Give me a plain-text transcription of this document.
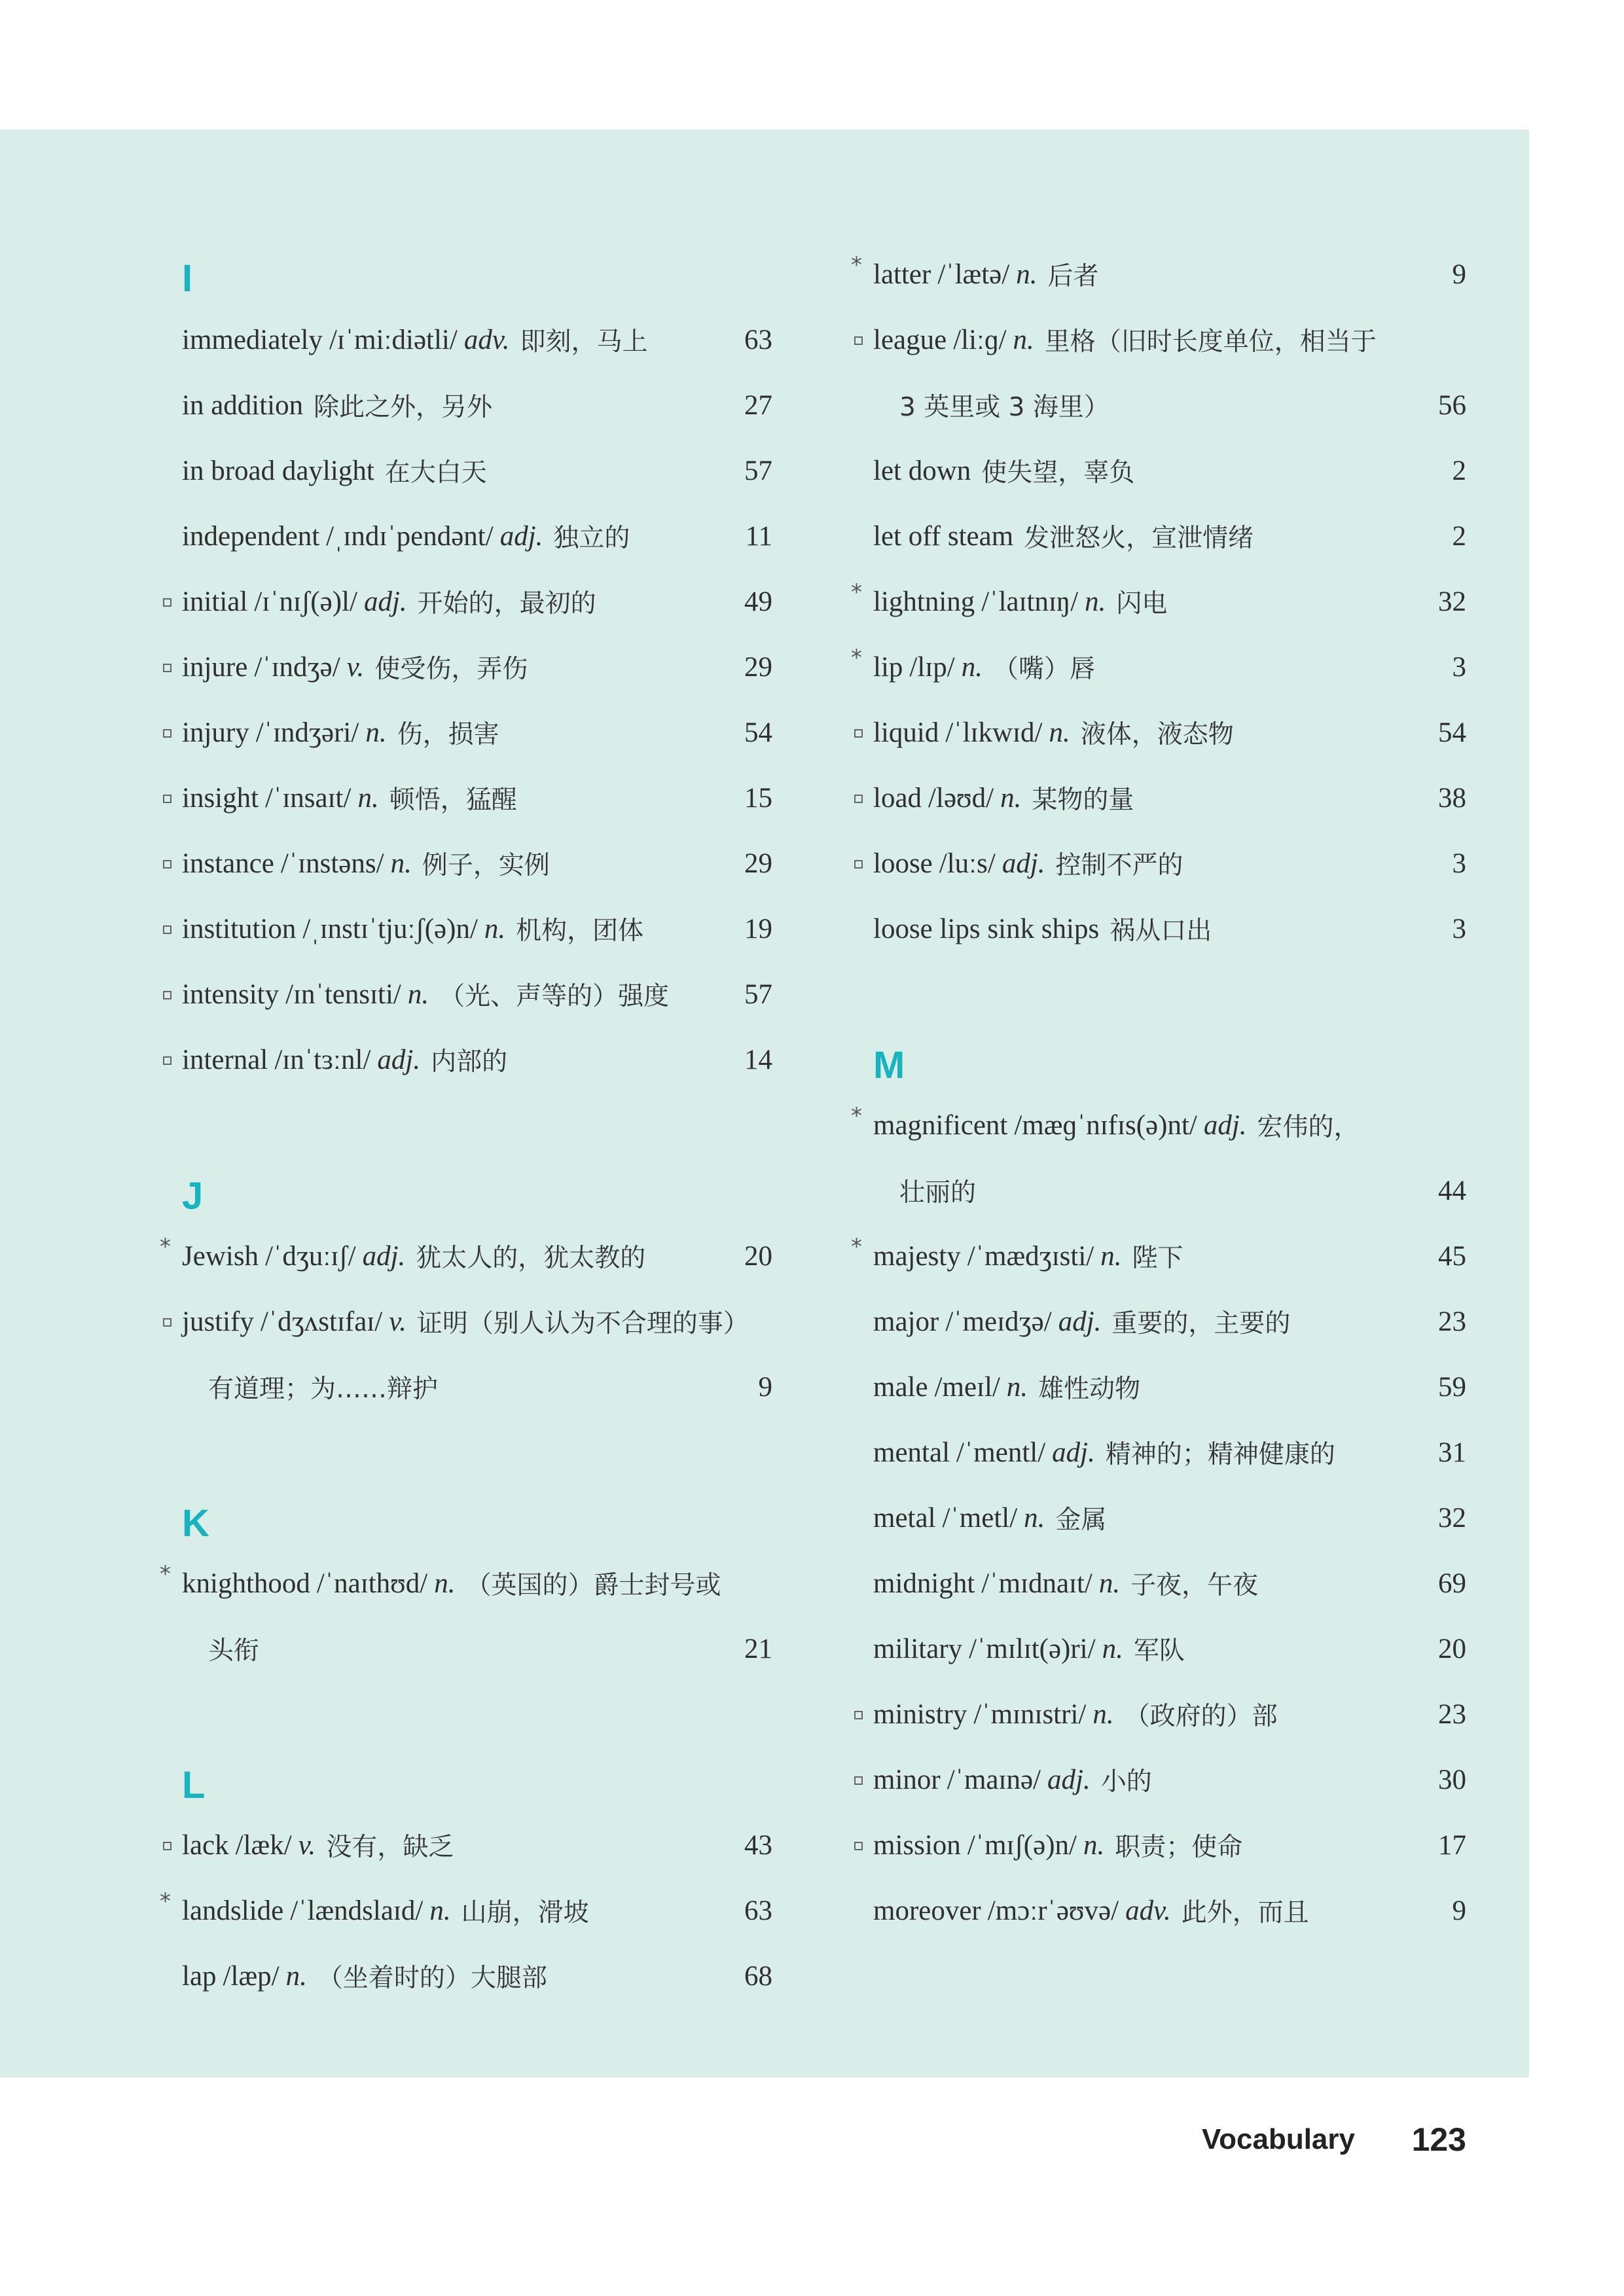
I
immediately /ɪˈmiːdiətli/ adv. 即刻，马上	63
in addition 除此之外，另外	27
in broad daylight 在大白天	57
independent /ˌɪndɪˈpendənt/ adj. 独立的	11
initial /ɪˈnɪʃ(ə)l/ adj. 开始的，最初的	49
injure /ˈɪndʒə/ v. 使受伤，弄伤	29
injury /ˈɪndʒəri/ n. 伤，损害	54
insight /ˈɪnsaɪt/ n. 顿悟，猛醒	15
instance /ˈɪnstəns/ n. 例子，实例	29
institution /ˌɪnstɪˈtjuːʃ(ə)n/ n. 机构，团体	19
intensity /ɪnˈtensɪti/ n. （光、声等的）强度	57
internal /ɪnˈtɜːnl/ adj. 内部的	14
J
* Jewish /ˈdʒuːɪʃ/ adj. 犹太人的，犹太教的	20
justify /ˈdʒʌstɪfaɪ/ v. 证明（别人认为不合理的事）
有道理；为……辩护	9
K
* knighthood /ˈnaɪthʊd/ n. （英国的）爵士封号或
头衔	21
L
lack /læk/ v. 没有，缺乏	43
* landslide /ˈlændslaɪd/ n. 山崩，滑坡	63
lap /læp/ n. （坐着时的）大腿部	68
* latter /ˈlætə/ n. 后者	9
league /liːɡ/ n. 里格（旧时长度单位，相当于
3 英里或 3 海里）	56
let down 使失望，辜负	2
let off steam 发泄怒火，宣泄情绪	2
* lightning /ˈlaɪtnɪŋ/ n. 闪电	32
* lip /lɪp/ n. （嘴）唇	3
liquid /ˈlɪkwɪd/ n. 液体，液态物	54
load /ləʊd/ n. 某物的量	38
loose /luːs/ adj. 控制不严的	3
loose lips sink ships 祸从口出	3
M
* magnificent /mæɡˈnɪfɪs(ə)nt/ adj. 宏伟的，
壮丽的	44
* majesty /ˈmædʒɪsti/ n. 陛下	45
major /ˈmeɪdʒə/ adj. 重要的，主要的	23
male /meɪl/ n. 雄性动物	59
mental /ˈmentl/ adj. 精神的；精神健康的	31
metal /ˈmetl/ n. 金属	32
midnight /ˈmɪdnaɪt/ n. 子夜，午夜	69
military /ˈmɪlɪt(ə)ri/ n. 军队	20
ministry /ˈmɪnɪstri/ n. （政府的）部	23
minor /ˈmaɪnə/ adj. 小的	30
mission /ˈmɪʃ(ə)n/ n. 职责；使命	17
moreover /mɔːrˈəʊvə/ adv. 此外，而且	9
Vocabulary	123
